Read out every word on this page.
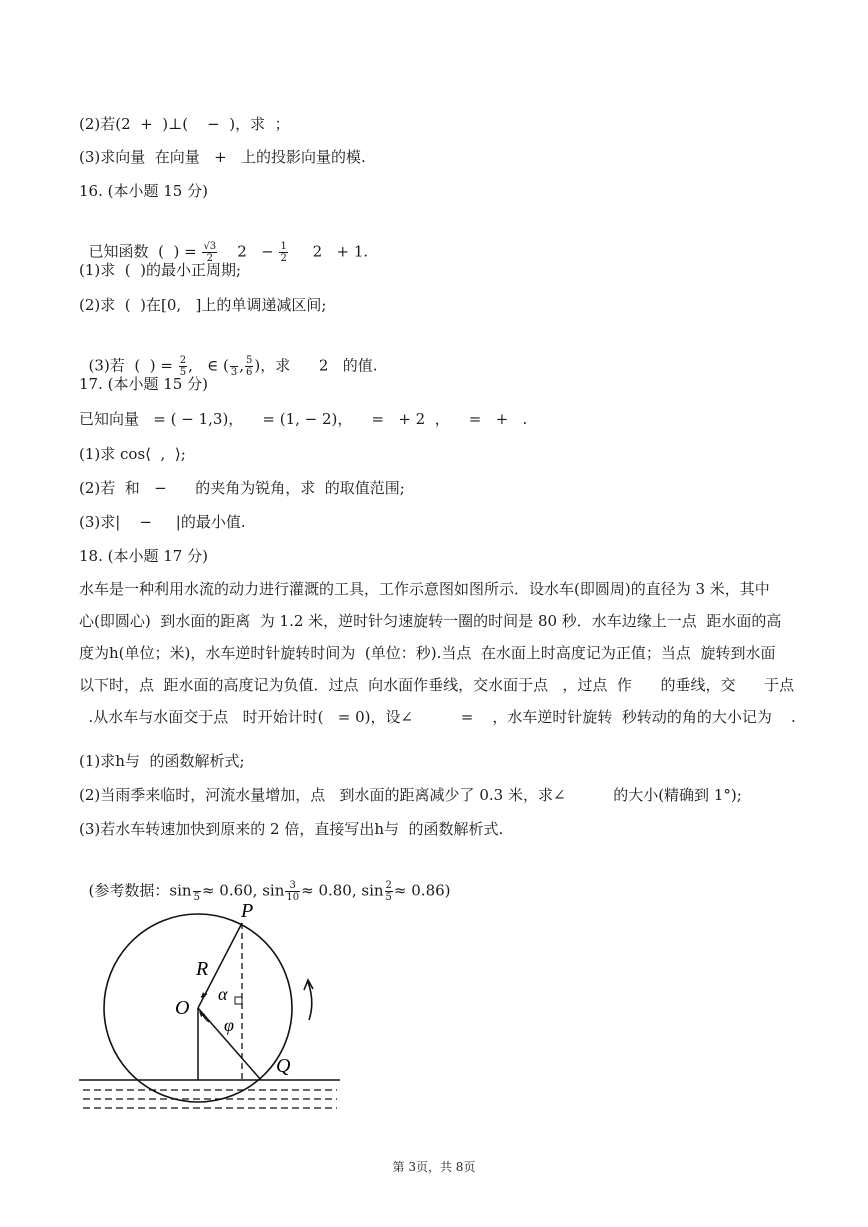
(2)若(2  +  )⊥(    −  )，求  ；
(3)求向量  在向量   +   上的投影向量的模.
16. (本小题 15 分)

已知函数  (  ) = $\frac{√3}{2} 2 - \frac{1}{2} 2 + 1$.

(1)求  (  )的最小正周期;
(2)求  (  )在[0,   ]上的单调递减区间;

(3)若  (  ) = $\frac{2}{5}$ ,   ∈ (
3 , $\frac{5}{6}$ )，求      2   的值.

17. (本小题 15 分)
已知向量   = ( − 1,3)，    = (1, − 2)，    =   + 2  ，    =   +   .
(1)求 cos⟨  ,  ⟩;
(2)若  和   −      的夹角为锐角，求  的取值范围;
(3)求|    −     |的最小值.
18. (本小题 17 分)
水车是一种利用水流的动力进行灌溉的工具，工作示意图如图所示．设水车(即圆周)的直径为 3 米，其中
心(即圆心)  到水面的距离  为 1.2 米，逆时针匀速旋转一圈的时间是 80 秒．水车边缘上一点  距水面的高
度为h(单位；米)，水车逆时针旋转时间为  (单位：秒).当点  在水面上时高度记为正值；当点  旋转到水面
以下时，点  距水面的高度记为负值．过点  向水面作垂线，交水面于点   ，过点  作      的垂线，交      于点
.从水车与水面交于点   时开始计时(   = 0)，设∠          =    ，水车逆时针旋转  秒转动的角的大小记为    .
(1)求h与  的函数解析式;
(2)当雨季来临时，河流水量增加，点   到水面的距离减少了 0.3 米，求∠          的大小(精确到 1°);
(3)若水车转速加快到原来的 2 倍，直接写出h与  的函数解析式.

(参考数据：sin
5 ≈ 0.60, $\sin \frac{3}{10} \approx 0.80$, $\sin \frac{2}{5} \approx 0.86$)

P
R
O
α
φ
Q
第 3页，共 8页
